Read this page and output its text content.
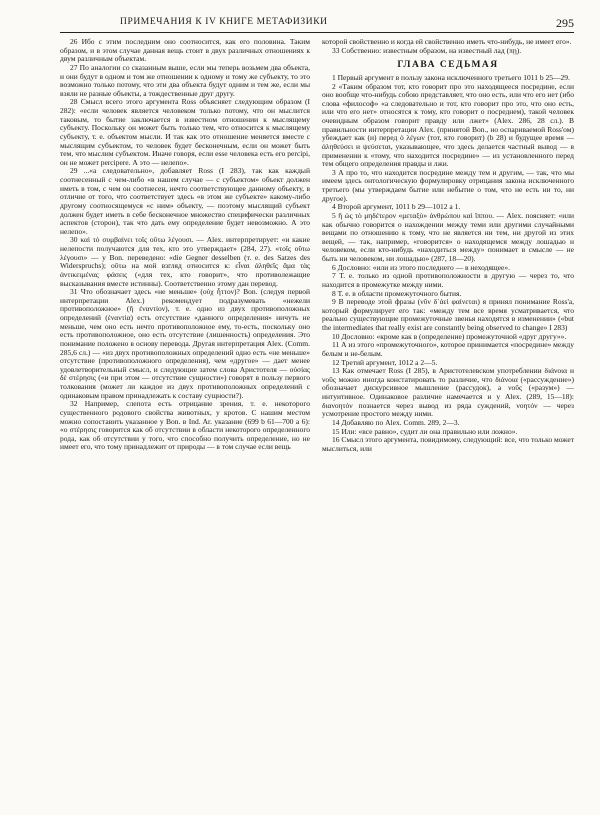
ПРИМЕЧАНИЯ К IV КНИГЕ МЕТАФИЗИКИ	295

26 Ибо с этим последним оно соотносится, как его половина. Таким образом, и в этом случае данная вещь стоит в двух различных отношениях к двум различным объектам.

27 По аналогии со сказанным выше, если мы теперь возьмем два объекта, и они будут в одном и том же отношении к одному и тому же субъекту, то это возможно только потому, что эти два объекта будут одним и тем же, если мы взяли не разные объекты, а тождественные друг другу.

28 Смысл всего этого аргумента Ross объясняет следующим образом (I 282): «если человек является человеком только потому, что он мыслится таковым, то бытие заключается в известном отношении к мыслящему субъекту. Поскольку он может быть только тем, что относится к мыслящему субъекту, т. е. объектом мысли. И так как это отношение меняется вместе с мыслящим субъектом, то человек будет бесконечным, если он может быть тем, что мыслим субъектом. Иначе говоря, если esse человека есть его percipi, он не может percipere. А это — нелепо».

29 ...«а следовательно», добавляет Ross (I 283), так как каждый соотнесенный с чем-либо «в нашем случае — с субъектом» объект должен иметь в том, с чем он соотнесен, нечто соответствующее данному объекту, в отличие от того, что соответствует здесь «в этом же субъекте» какому-либо другому соотносящемуся «с ним» объекту, — поэтому мыслящий субъект должен будет иметь в себе бесконечное множество специфически различных аспектов (сторон), так что дать ему определение будет невозможно. А это нелепо».

30 καὶ τὸ συμβαίνει τοῖς οὕτω λέγουσι. — Alex. интерпретирует: «и какие нелепости получаются для тех, кто это утверждает» (284, 27). «τοῖς οὕτω λέγουσι» — у Bon. переведено: «die Gegner desselben (т. е. des Satzes des Widerspruchs); οὕτω на мой взгляд относится к: εἶναι ἀληθεῖς ἅμα τὰς ἀντικειμένας φάσεις («для тех, кто говорит», что противолежащие высказывания вместе истинны). Соответственно этому дан перевод.

31 Что обозначает здесь «не меньше» (οὐχ ἧττον)? Bon. (следуя первой интерпретации Alex.) рекомендует подразумевать «нежели противоположное» (ἤ ἐναντίον), т. е. одно из двух противоположных определений (ἐναντία) есть отсутствие «данного определения» ничуть не меньше, чем оно есть нечто противоположное ему, то-есть, поскольку оно есть противоположное, оно есть отсутствие (лишенность) определения. Это понимание положено в основу перевода. Другая интерпретация Alex. (Comm. 285,6 сл.) — «из двух противоположных определений одно есть «не меньше» отсутствие (противоположного определения), чем «другое» — дает менее удовлетворительный смысл, и следующие затем слова Аристотеля — οὐσίας δὲ στέρησις («и при этом — отсутствие сущности») говорят в пользу первого толкования (может ли каждое из двух противоположных определений с одинаковым правом принадлежать к составу сущности?).

32 Например, слепота есть отрицание зрения, т. е. некоторого существенного родового свойства животных, у кротов. С нашим местом можно сопоставить указанное у Bon. в Ind. Ar. указание (699 b 61—700 a 6): «о στέρησις говорится как об отсутствии в области некоторого определенного рода, как об отсутствии у того, что способно получить определение, но не имеет его, что тому принадлежит от природы — в том случае если вещь

которой свойственно и когда ей свойственно иметь что-нибудь, не имеет его».

33 Собственно: известным образом, на известный лад (πῃ).

ГЛАВА СЕДЬМАЯ

1 Первый аргумент в пользу закона исключенного третьего 1011 b 25—29.

2 «Таким образом тот, кто говорит про это находящееся посредине, если оно вообще что-нибудь собою представляет, что оно есть, или что его нет (ибо слова «философ» «а следовательно и тот, кто говорит про это, что оно есть, или что его нет» относятся к тому, кто говорит о посреднем), такой человек очевидным образом говорит правду или лжет» (Alex. 286, 28 сл.). В правильности интерпретации Alex. (принятой Bon., но оспариваемой Ross'ом) убеждает как (и) перед ὁ λέγων (тот, кто говорит) (b 28) и будущее время — ἀληθεύσει и ψεύσεται, указывающее, что здесь делается частный вывод — в применении к «тому, что находится посредине» — из установленного перед тем общего определения правды и лжи.

3 А про то, что находится посредине между тем и другим, — так, что мы имеем здесь онтологическую формулировку отрицания закона исключенного третьего (мы утверждаем бытие или небытие о том, что не есть ни то, ни другое).

4 Второй аргумент, 1011 b 29—1012 a 1.

5 ἢ ὡς τὸ μηδέτερον «μεταξὺ» ἀνθρώπου καὶ ἵππου. — Alex. поясняет: «или как обычно говорится о нахождении между теми или другими случайными вещами по отношению к тому, что не является ни тем, ни другой из этих вещей, — так, например, «говорится» о находящемся между лошадью и человеком, если кто-нибудь «находиться между» понимает в смысле — не быть ни человеком, ни лошадью» (287, 18—20).

6 Дословно: «или из этого последнего — в неходящее».

7 Т. е. только из одной противоположности в другую — через то, что находится в промежутке между ними.

8 Т. е. в области промежуточного бытия.

9 В переводе этой фразы (νῦν δ᾽ἀεὶ φαίνεται) я принял понимание Ross'а, который формулирует его так: «между тем все время усматривается, что реально существующие промежуточные звенья находятся в изменении» («but the intermediates that really exist are constantly being observed to change» I 283)

10 Дословно: «кроме как в (определение) промежуточной «друг другу»».

11 А из этого «промежуточного», которое принимается «посредине» между белым и не-белым.

12 Третий аргумент, 1012 a 2—5.

13 Как отмечает Ross (I 285), в Аристотелевском употреблении διάνοια и νοῦς можно иногда констатировать то различие, что διάνοια («рассуждение») обозначает дискурсивное мышление (рассудок), а νοῦς («разум») — интуитивное. Одинаковое различие намечается и у Alex. (289, 15—18): διανοητόν познается через вывод из ряда суждений, νοητόν — через усмотрение простого между ними.

14 Добавляю по Alex. Comm. 289, 2—3.

15 Или: «все равно», судит ли она правильно или ложно».

16 Смысл этого аргумента, повидимому, следующий: все, что только может мыслиться, или
